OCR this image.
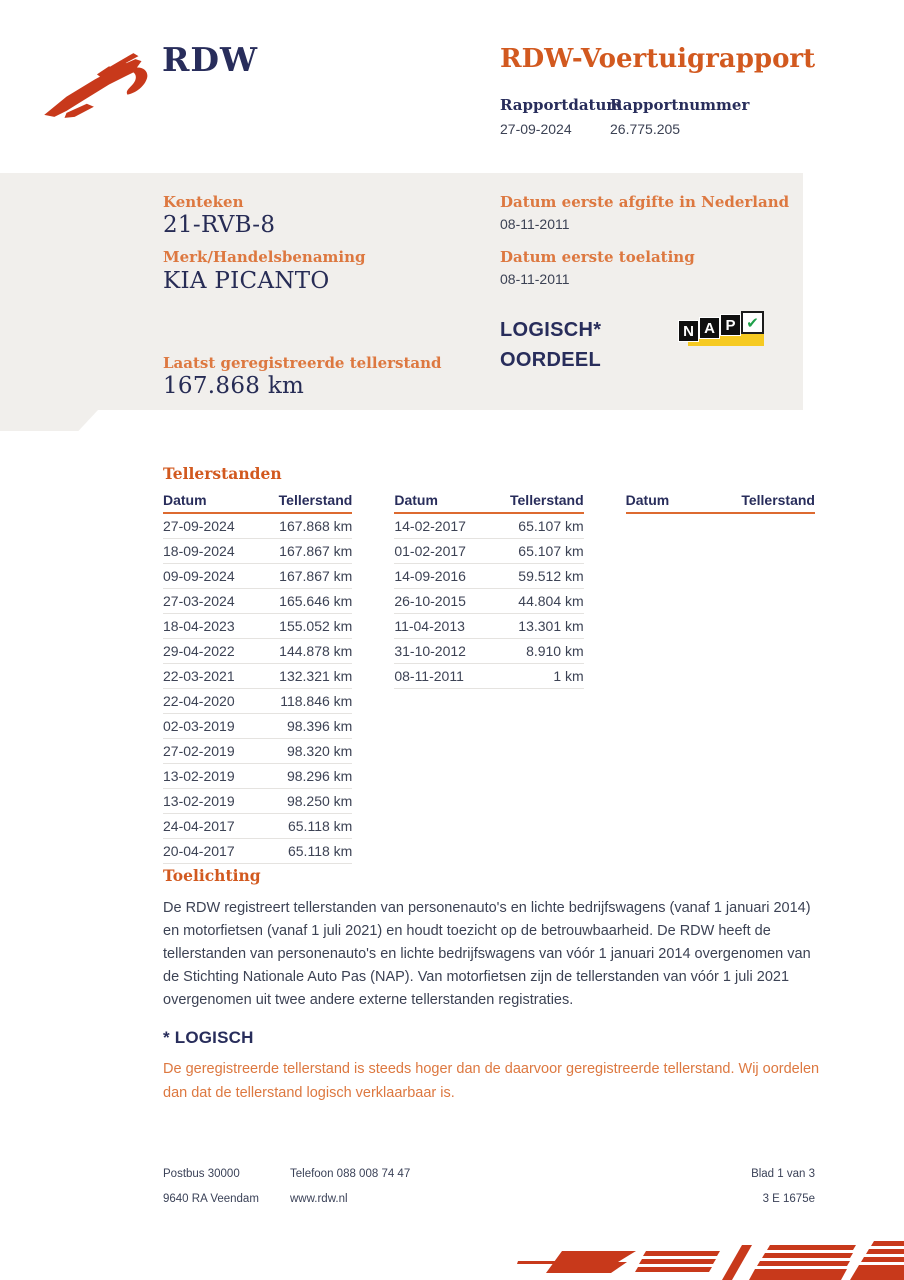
RDW	RDW-Voertuigrapport
Rapportdatum
27-09-2024
Rapportnummer
26.775.205
Kenteken
21-RVB-8
Merk/Handelsbenaming
KIA PICANTO
Laatst geregistreerde tellerstand
167.868 km
Datum eerste afgifte in Nederland
08-11-2011
Datum eerste toelating
08-11-2011
LOGISCH*
OORDEEL
N A P ✔
Tellerstanden
Datum	Tellerstand
27-09-2024	167.868 km
18-09-2024	167.867 km
09-09-2024	167.867 km
27-03-2024	165.646 km
18-04-2023	155.052 km
29-04-2022	144.878 km
22-03-2021	132.321 km
22-04-2020	118.846 km
02-03-2019	98.396 km
27-02-2019	98.320 km
13-02-2019	98.296 km
13-02-2019	98.250 km
24-04-2017	65.118 km
20-04-2017	65.118 km
Datum	Tellerstand
14-02-2017	65.107 km
01-02-2017	65.107 km
14-09-2016	59.512 km
26-10-2015	44.804 km
11-04-2013	13.301 km
31-10-2012	8.910 km
08-11-2011	1 km
Datum	Tellerstand
Toelichting

De RDW registreert tellerstanden van personenauto's en lichte bedrijfswagens (vanaf 1 januari 2014) en motorfietsen (vanaf 1 juli 2021) en houdt toezicht op de betrouwbaarheid. De RDW heeft de tellerstanden van personenauto's en lichte bedrijfswagens van vóór 1 januari 2014 overgenomen van de Stichting Nationale Auto Pas (NAP). Van motorfietsen zijn de tellerstanden van vóór 1 juli 2021 overgenomen uit twee andere externe tellerstanden registraties.

* LOGISCH
De geregistreerde tellerstand is steeds hoger dan de daarvoor geregistreerde tellerstand. Wij oordelen dan dat de tellerstand logisch verklaarbaar is.
Postbus 30000	Telefoon 088 008 74 47	Blad 1 van 3
9640 RA Veendam	www.rdw.nl	3 E 1675e
